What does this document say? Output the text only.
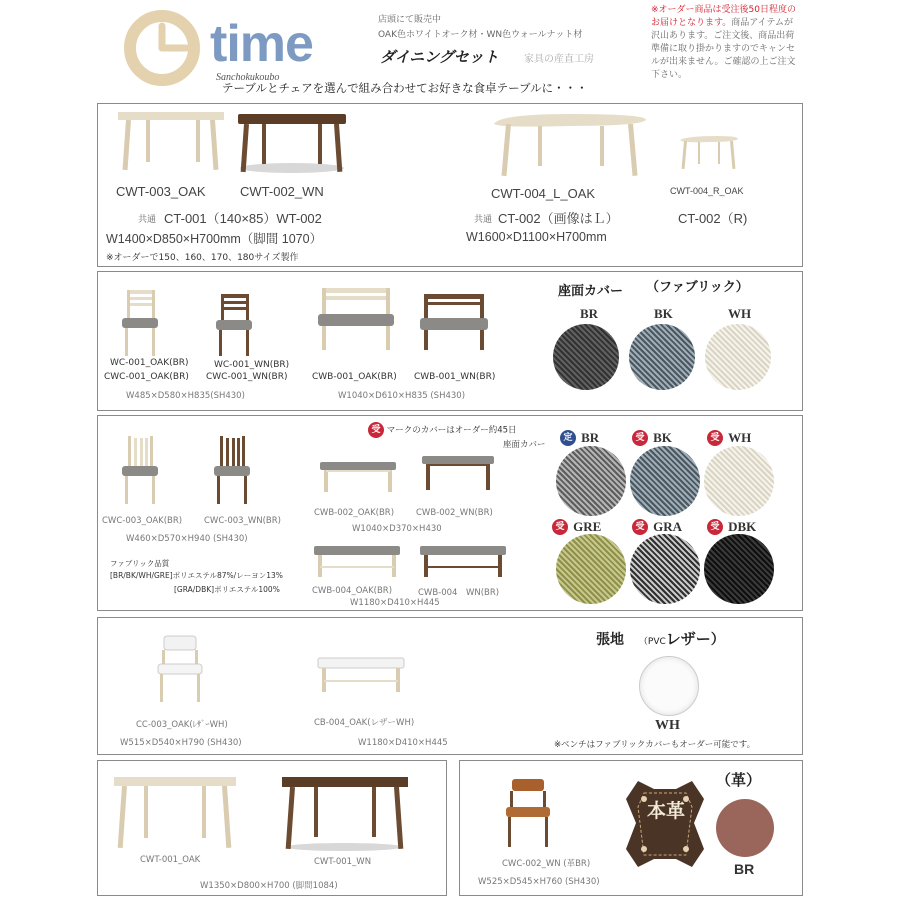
time
Sanchokukoubo
店頭にて販売中
OAK色ホワイトオーク材・WN色ウォールナット材
ダイニングセット	家具の産直工房
テーブルとチェアを選んで組み合わせてお好きな食卓テーブルに・・・
※オーダー商品は受注後50日程度のお届けとなります。商品アイテムが沢山あります。ご注文後、商品出荷準備に取り掛かりますのでキャンセルが出来ません。ご確認の上ご注文下さい。
CWT-003_OAK	CWT-002_WN
共通 CT-001（140×85）WT-002
W1400×D850×H700mm（脚間 1070）
※オーダーで150、160、170、180サイズ製作
CWT-004_L_OAK
共通 CT-002（画像はＬ）
W1600×D1100×H700mm
CWT-004_R_OAK
CT-002（R)
WC-001_OAK(BR)
CWC-001_OAK(BR)
WC-001_WN(BR)
CWC-001_WN(BR)
W485×D580×H835(SH430)
CWB-001_OAK(BR) CWB-001_WN(BR)
W1040×D610×H835 (SH430)
座面カバー （ファブリック）
BR	BK	WH
CWC-003_OAK(BR)	CWC-003_WN(BR)
W460×D570×H940 (SH430)
ファブリック品質
[BR/BK/WH/GRE]ポリエステル87%/レーヨン13%
[GRA/DBK]ポリエステル100%
受 マークのカバーはオーダー約45日
座面カバー
CWB-002_OAK(BR)	CWB-002_WN(BR)
W1040×D370×H430
CWB-004_OAK(BR)	CWB-004　WN(BR)
W1180×D410×H445
定 BR	受 BK	受 WH
受 GRE	受 GRA	受 DBK
CC-003_OAK(ﾚｻﾞｰWH)
W515×D540×H790 (SH430)
CB-004_OAK(レザーWH)
W1180×D410×H445
張地 （PVCレザー）
WH
※ベンチはファブリックカバーもオーダー可能です。
CWT-001_OAK	CWT-001_WN
W1350×D800×H700 (脚間1084)
CWC-002_WN (革BR)
W525×D545×H760 (SH430)
本革
（革）
BR
